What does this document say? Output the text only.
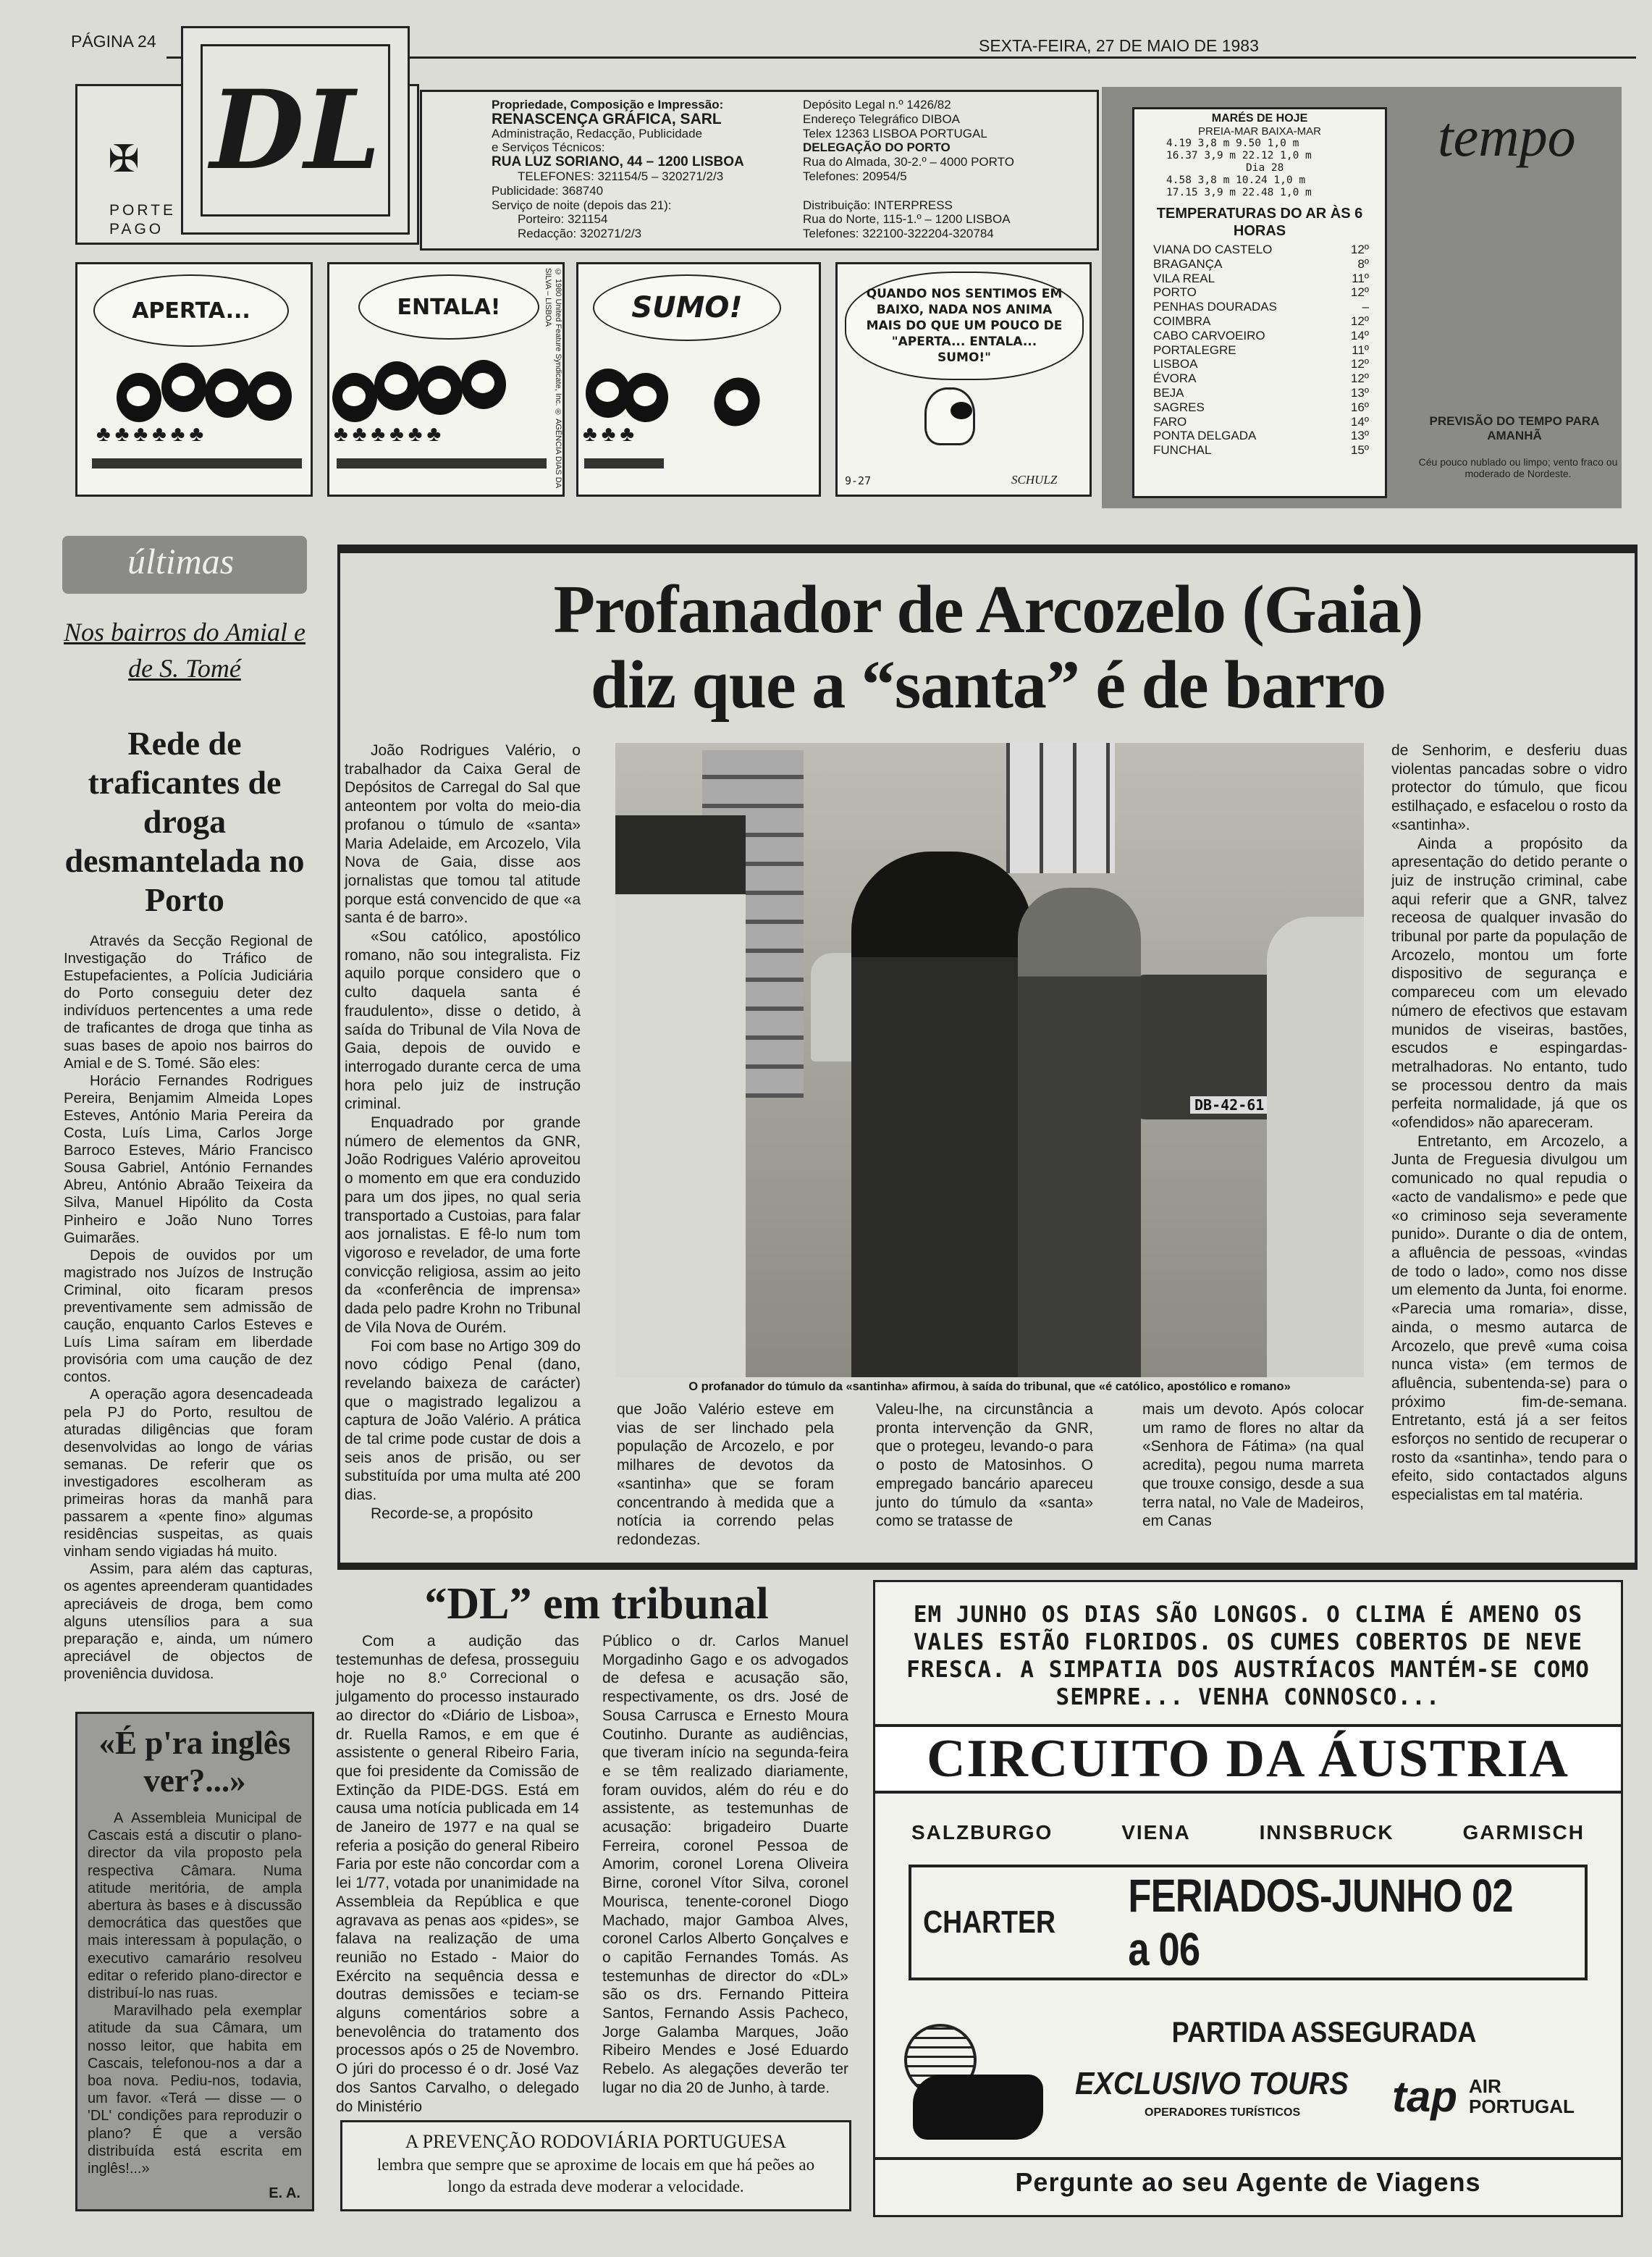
PÁGINA 24	SEXTA-FEIRA, 27 DE MAIO DE 1983
✠
PORTE
PAGO
DL	Propriedade, Composição e Impressão:
RENASCENÇA GRÁFICA, SARL
Administração, Redacção, Publicidade
e Serviços Técnicos:
RUA LUZ SORIANO, 44 – 1200 LISBOA
TELEFONES: 321154/5 – 320271/2/3
Publicidade: 368740
Serviço de noite (depois das 21):
Porteiro: 321154
Redacção: 320271/2/3
Depósito Legal n.º 1426/82
Endereço Telegráfico DIBOA
Telex 12363 LISBOA PORTUGAL
DELEGAÇÃO DO PORTO
Rua do Almada, 30-2.º – 4000 PORTO
Telefones: 20954/5
Distribuição: INTERPRESS
Rua do Norte, 115-1.º – 1200 LISBOA
Telefones: 322100-322204-320784
tempo
MARÉS DE HOJE
PREIA-MAR BAIXA-MAR
4.19 3,8 m 9.50 1,0 m
16.37 3,9 m 22.12 1,0 m
Dia 28
4.58 3,8 m 10.24 1,0 m
17.15 3,9 m 22.48 1,0 m
TEMPERATURAS DO AR ÀS 6 HORAS
VIANA DO CASTELO	12º
BRAGANÇA	8º
VILA REAL	11º
PORTO	12º
PENHAS DOURADAS	–
COIMBRA	12º
CABO CARVOEIRO	14º
PORTALEGRE	11º
LISBOA	12º
ÉVORA	12º
BEJA	13º
SAGRES	16º
FARO	14º
PONTA DELGADA	13º
FUNCHAL	15º
PREVISÃO DO TEMPO PARA AMANHÃ
Céu pouco nublado ou limpo; vento fraco ou moderado de Nordeste.
APERTA...
♣♣♣♣♣♣
ENTALA!
♣♣♣♣♣♣
© 1980 United Feature Syndicate, Inc. ® AGÊNCIA DIAS DA SILVA – LISBOA	SUMO!
♣♣♣
QUANDO NOS SENTIMOS EM BAIXO, NADA NOS ANIMA MAIS DO QUE UM POUCO DE "APERTA... ENTALA... SUMO!"
9-27	SCHULZ
últimas
Nos bairros do Amial e de S. Tomé
Rede de traficantes de droga desmantelada no Porto

Através da Secção Regional de Investigação do Tráfico de Estupefacientes, a Polícia Judiciária do Porto conseguiu deter dez indivíduos pertencentes a uma rede de traficantes de droga que tinha as suas bases de apoio nos bairros do Amial e de S. Tomé. São eles:

Horácio Fernandes Rodrigues Pereira, Benjamim Almeida Lopes Esteves, António Maria Pereira da Costa, Luís Lima, Carlos Jorge Barroco Esteves, Mário Francisco Sousa Gabriel, António Fernandes Abreu, António Abraão Teixeira da Silva, Manuel Hipólito da Costa Pinheiro e João Nuno Torres Guimarães.

Depois de ouvidos por um magistrado nos Juízos de Instrução Criminal, oito ficaram presos preventivamente sem admissão de caução, enquanto Carlos Esteves e Luís Lima saíram em liberdade provisória com uma caução de dez contos.

A operação agora desencadeada pela PJ do Porto, resultou de aturadas diligências que foram desenvolvidas ao longo de várias semanas. De referir que os investigadores escolheram as primeiras horas da manhã para passarem a «pente fino» algumas residências suspeitas, as quais vinham sendo vigiadas há muito.

Assim, para além das capturas, os agentes apreenderam quantidades apreciáveis de droga, bem como alguns utensílios para a sua preparação e, ainda, um número apreciável de objectos de proveniência duvidosa.

«É p'ra inglês ver?...»

A Assembleia Municipal de Cascais está a discutir o plano-director da vila proposto pela respectiva Câmara. Numa atitude meritória, de ampla abertura às bases e à discussão democrática das questões que mais interessam à população, o executivo camarário resolveu editar o referido plano-director e distribuí-lo nas ruas.

Maravilhado pela exemplar atitude da sua Câmara, um nosso leitor, que habita em Cascais, telefonou-nos a dar a boa nova. Pediu-nos, todavia, um favor. «Terá — disse — o 'DL' condições para reproduzir o plano? É que a versão distribuída está escrita em inglês!...»

E. A.
Profanador de Arcozelo (Gaia)
diz que a “santa” é de barro

João Rodrigues Valério, o trabalhador da Caixa Geral de Depósitos de Carregal do Sal que anteontem por volta do meio-dia profanou o túmulo de «santa» Maria Adelaide, em Arcozelo, Vila Nova de Gaia, disse aos jornalistas que tomou tal atitude porque está convencido de que «a santa é de barro».

«Sou católico, apostólico romano, não sou integralista. Fiz aquilo porque considero que o culto daquela santa é fraudulento», disse o detido, à saída do Tribunal de Vila Nova de Gaia, depois de ouvido e interrogado durante cerca de uma hora pelo juiz de instrução criminal.

Enquadrado por grande número de elementos da GNR, João Rodrigues Valério aproveitou o momento em que era conduzido para um dos jipes, no qual seria transportado a Custoias, para falar aos jornalistas. E fê-lo num tom vigoroso e revelador, de uma forte convicção religiosa, assim ao jeito da «conferência de imprensa» dada pelo padre Krohn no Tribunal de Vila Nova de Ourém.

Foi com base no Artigo 309 do novo código Penal (dano, revelando baixeza de carácter) que o magistrado legalizou a captura de João Valério. A prática de tal crime pode custar de dois a seis anos de prisão, ou ser substituída por uma multa até 200 dias.

Recorde-se, a propósito

DB-42-61
O profanador do túmulo da «santinha» afirmou, à saída do tribunal, que «é católico, apostólico e romano»

que João Valério esteve em vias de ser linchado pela população de Arcozelo, e por milhares de devotos da «santinha» que se foram concentrando à medida que a notícia ia correndo pelas redondezas.

Valeu-lhe, na circunstância a pronta intervenção da GNR, que o protegeu, levando-o para o posto de Matosinhos. O empregado bancário apareceu junto do túmulo da «santa» como se tratasse de

mais um devoto. Após colocar um ramo de flores no altar da «Senhora de Fátima» (na qual acredita), pegou numa marreta que trouxe consigo, desde a sua terra natal, no Vale de Madeiros, em Canas

de Senhorim, e desferiu duas violentas pancadas sobre o vidro protector do túmulo, que ficou estilhaçado, e esfacelou o rosto da «santinha».

Ainda a propósito da apresentação do detido perante o juiz de instrução criminal, cabe aqui referir que a GNR, talvez receosa de qualquer invasão do tribunal por parte da população de Arcozelo, montou um forte dispositivo de segurança e compareceu com um elevado número de efectivos que estavam munidos de viseiras, bastões, escudos e espingardas-metralhadoras. No entanto, tudo se processou dentro da mais perfeita normalidade, já que os «ofendidos» não apareceram.

Entretanto, em Arcozelo, a Junta de Freguesia divulgou um comunicado no qual repudia o «acto de vandalismo» e pede que «o criminoso seja severamente punido». Durante o dia de ontem, a afluência de pessoas, «vindas de todo o lado», como nos disse um elemento da Junta, foi enorme. «Parecia uma romaria», disse, ainda, o mesmo autarca de Arcozelo, que prevê «uma coisa nunca vista» (em termos de afluência, subentenda-se) para o próximo fim-de-semana. Entretanto, está já a ser feitos esforços no sentido de recuperar o rosto da «santinha», tendo para o efeito, sido contactados alguns especialistas em tal matéria.

“DL” em tribunal

Com a audição das testemunhas de defesa, prosseguiu hoje no 8.º Correcional o julgamento do processo instaurado ao director do «Diário de Lisboa», dr. Ruella Ramos, e em que é assistente o general Ribeiro Faria, que foi presidente da Comissão de Extinção da PIDE-DGS. Está em causa uma notícia publicada em 14 de Janeiro de 1977 e na qual se referia a posição do general Ribeiro Faria por este não concordar com a lei 1/77, votada por unanimidade na Assembleia da República e que agravava as penas aos «pides», se falava na realização de uma reunião no Estado - Maior do Exército na sequência dessa e doutras demissões e teciam-se alguns comentários sobre a benevolência do tratamento dos processos após o 25 de Novembro. O júri do processo é o dr. José Vaz dos Santos Carvalho, o delegado do Ministério

Público o dr. Carlos Manuel Morgadinho Gago e os advogados de defesa e acusação são, respectivamente, os drs. José de Sousa Carrusca e Ernesto Moura Coutinho. Durante as audiências, que tiveram início na segunda-feira e se têm realizado diariamente, foram ouvidos, além do réu e do assistente, as testemunhas de acusação: brigadeiro Duarte Ferreira, coronel Pessoa de Amorim, coronel Lorena Oliveira Birne, coronel Vítor Silva, coronel Mourisca, tenente-coronel Diogo Machado, major Gamboa Alves, coronel Carlos Alberto Gonçalves e o capitão Fernandes Tomás. As testemunhas de director do «DL» são os drs. Fernando Pitteira Santos, Fernando Assis Pacheco, Jorge Galamba Marques, João Ribeiro Mendes e José Eduardo Rebelo. As alegações deverão ter lugar no dia 20 de Junho, à tarde.

A PREVENÇÃO RODOVIÁRIA PORTUGUESA
lembra que sempre que se aproxime de locais em que há peões ao longo da estrada deve moderar a velocidade.
EM JUNHO OS DIAS SÃO LONGOS. O CLIMA É AMENO OS VALES ESTÃO FLORIDOS. OS CUMES COBERTOS DE NEVE FRESCA. A SIMPATIA DOS AUSTRÍACOS MANTÉM-SE COMO SEMPRE... VENHA CONNOSCO...
CIRCUITO DA ÁUSTRIA
SALZBURGO	VIENA	INNSBRUCK	GARMISCH
CHARTER
FERIADOS-JUNHO 02 a 06
PARTIDA ASSEGURADA
EXCLUSIVO TOURS
OPERADORES TURÍSTICOS tap AIR
PORTUGAL
Pergunte ao seu Agente de Viagens
